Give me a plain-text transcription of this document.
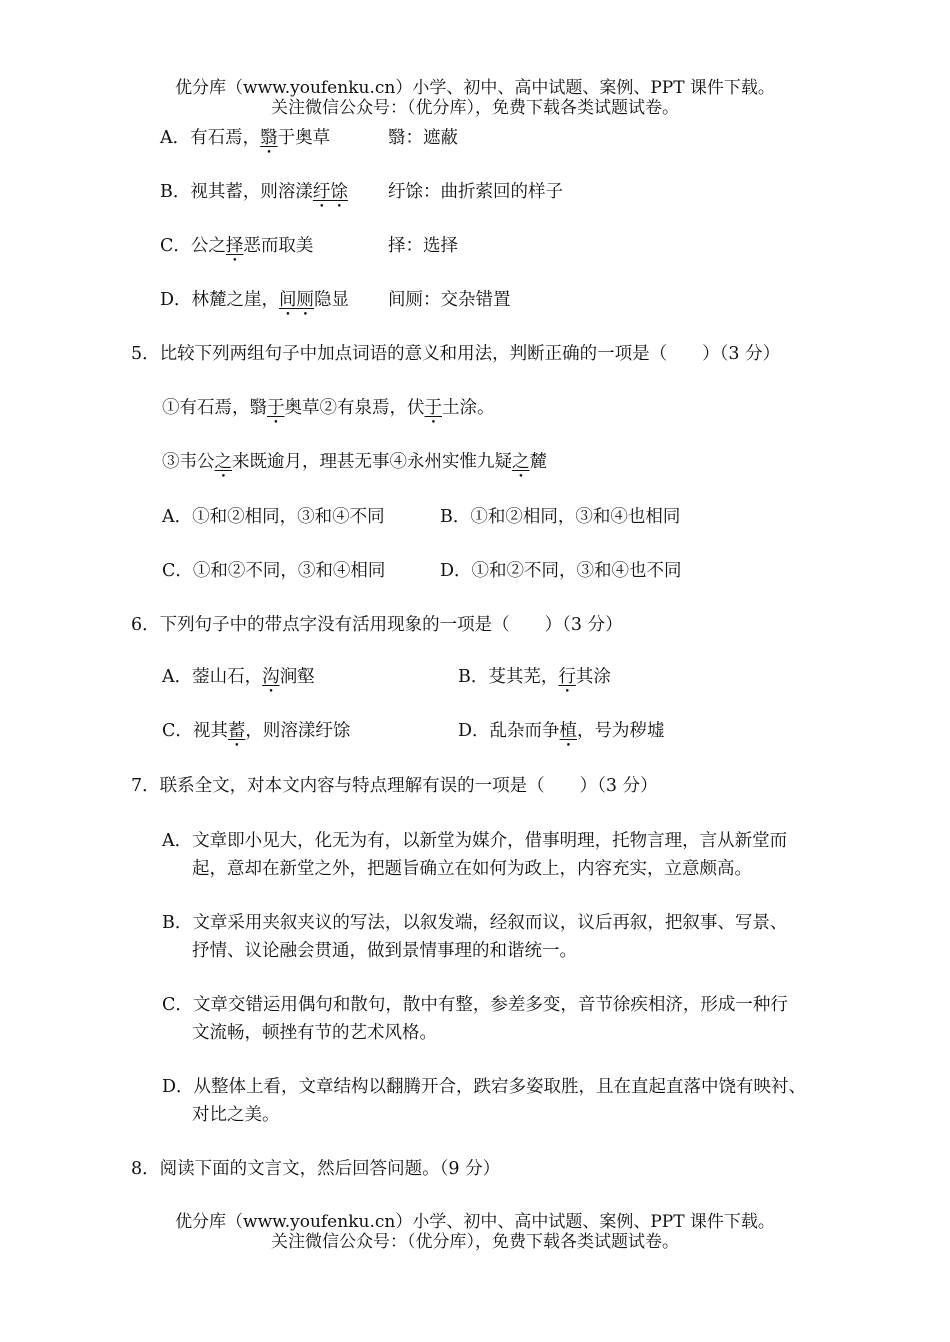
优分库（www.youfenku.cn）小学、初中、高中试题、案例、PPT 课件下载。
关注微信公众号：（优分库），免费下载各类试题试卷。
A．有石焉，翳于奥草	翳：遮蔽
B．视其蓄，则溶漾纡馀 纡馀：曲折萦回的样子
C．公之择恶而取美	择：选择
D．林麓之崖，间厕隐显 间厕：交杂错置
5．比较下列两组句子中加点词语的意义和用法，判断正确的一项是（　　）（3 分）
①有石焉，翳于奥草②有泉焉，伏于土涂。
③韦公之来既逾月，理甚无事④永州实惟九疑之麓
A．①和②相同，③和④不同	B．①和②相同，③和④也相同
C．①和②不同，③和④相同	D．①和②不同，③和④也不同
6．下列句子中的带点字没有活用现象的一项是（　　）（3 分）
A．蓥山石，沟涧壑	B．芟其芜，行其涂
C．视其蓄，则溶漾纡馀	D．乱杂而争植，号为秽墟
7．联系全文，对本文内容与特点理解有误的一项是（　　）（3 分）
A．文章即小见大，化无为有，以新堂为媒介，借事明理，托物言理，言从新堂而
起，意却在新堂之外，把题旨确立在如何为政上，内容充实，立意颇高。
B．文章采用夹叙夹议的写法，以叙发端，经叙而议，议后再叙，把叙事、写景、
抒情、议论融会贯通，做到景情事理的和谐统一。
C．文章交错运用偶句和散句，散中有整，参差多变，音节徐疾相济，形成一种行
文流畅，顿挫有节的艺术风格。
D．从整体上看，文章结构以翻腾开合，跌宕多姿取胜，且在直起直落中饶有映衬、
对比之美。
8．阅读下面的文言文，然后回答问题。（9 分）
优分库（www.youfenku.cn）小学、初中、高中试题、案例、PPT 课件下载。
关注微信公众号：（优分库），免费下载各类试题试卷。
